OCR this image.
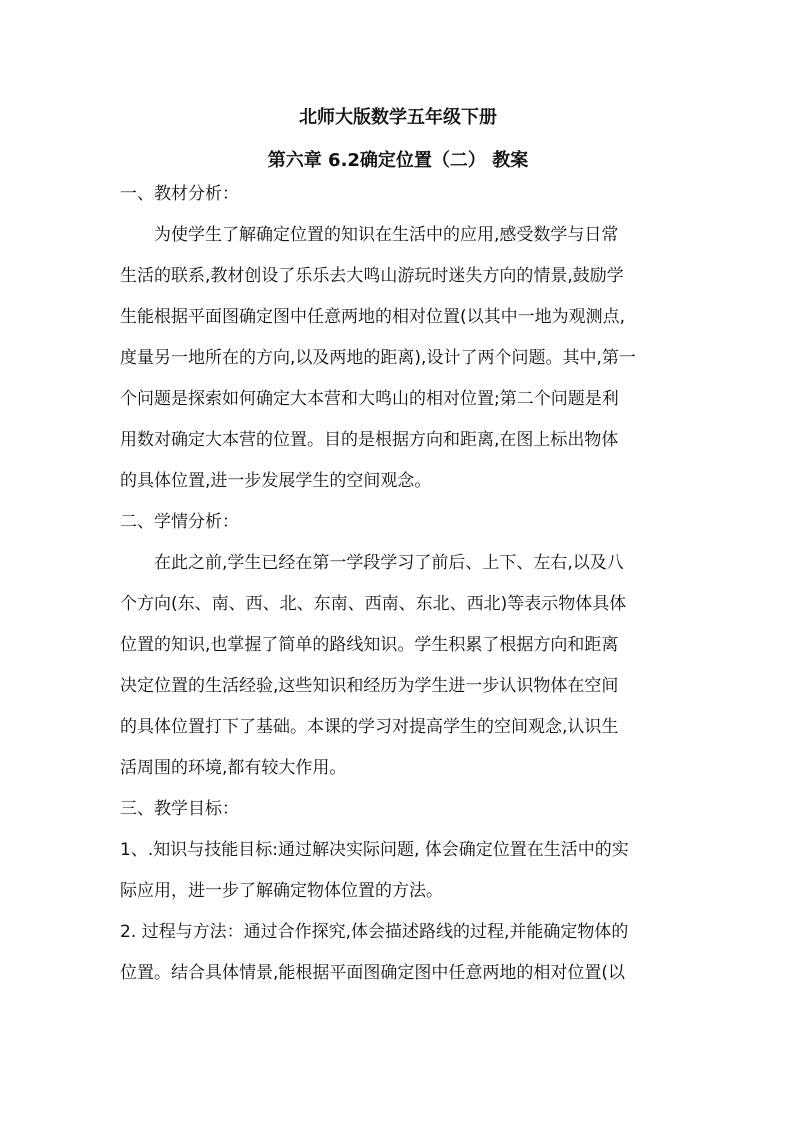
北师大版数学五年级下册

第六章 6.2确定位置（二） 教案

一、教材分析：

为使学生了解确定位置的知识在生活中的应用,感受数学与日常

生活的联系,教材创设了乐乐去大鸣山游玩时迷失方向的情景,鼓励学

生能根据平面图确定图中任意两地的相对位置(以其中一地为观测点,

度量另一地所在的方向,以及两地的距离),设计了两个问题。其中,第一

个问题是探索如何确定大本营和大鸣山的相对位置;第二个问题是利

用数对确定大本营的位置。目的是根据方向和距离,在图上标出物体

的具体位置,进一步发展学生的空间观念。

二、学情分析：

在此之前,学生已经在第一学段学习了前后、上下、左右,以及八

个方向(东、南、西、北、东南、西南、东北、西北)等表示物体具体

位置的知识,也掌握了简单的路线知识。学生积累了根据方向和距离

决定位置的生活经验,这些知识和经历为学生进一步认识物体在空间

的具体位置打下了基础。本课的学习对提高学生的空间观念,认识生

活周围的环境,都有较大作用。

三、教学目标：

1、.知识与技能目标:通过解决实际问题, 体会确定位置在生活中的实

际应用，进一步了解确定物体位置的方法。

2. 过程与方法：通过合作探究,体会描述路线的过程,并能确定物体的

位置。结合具体情景,能根据平面图确定图中任意两地的相对位置(以
